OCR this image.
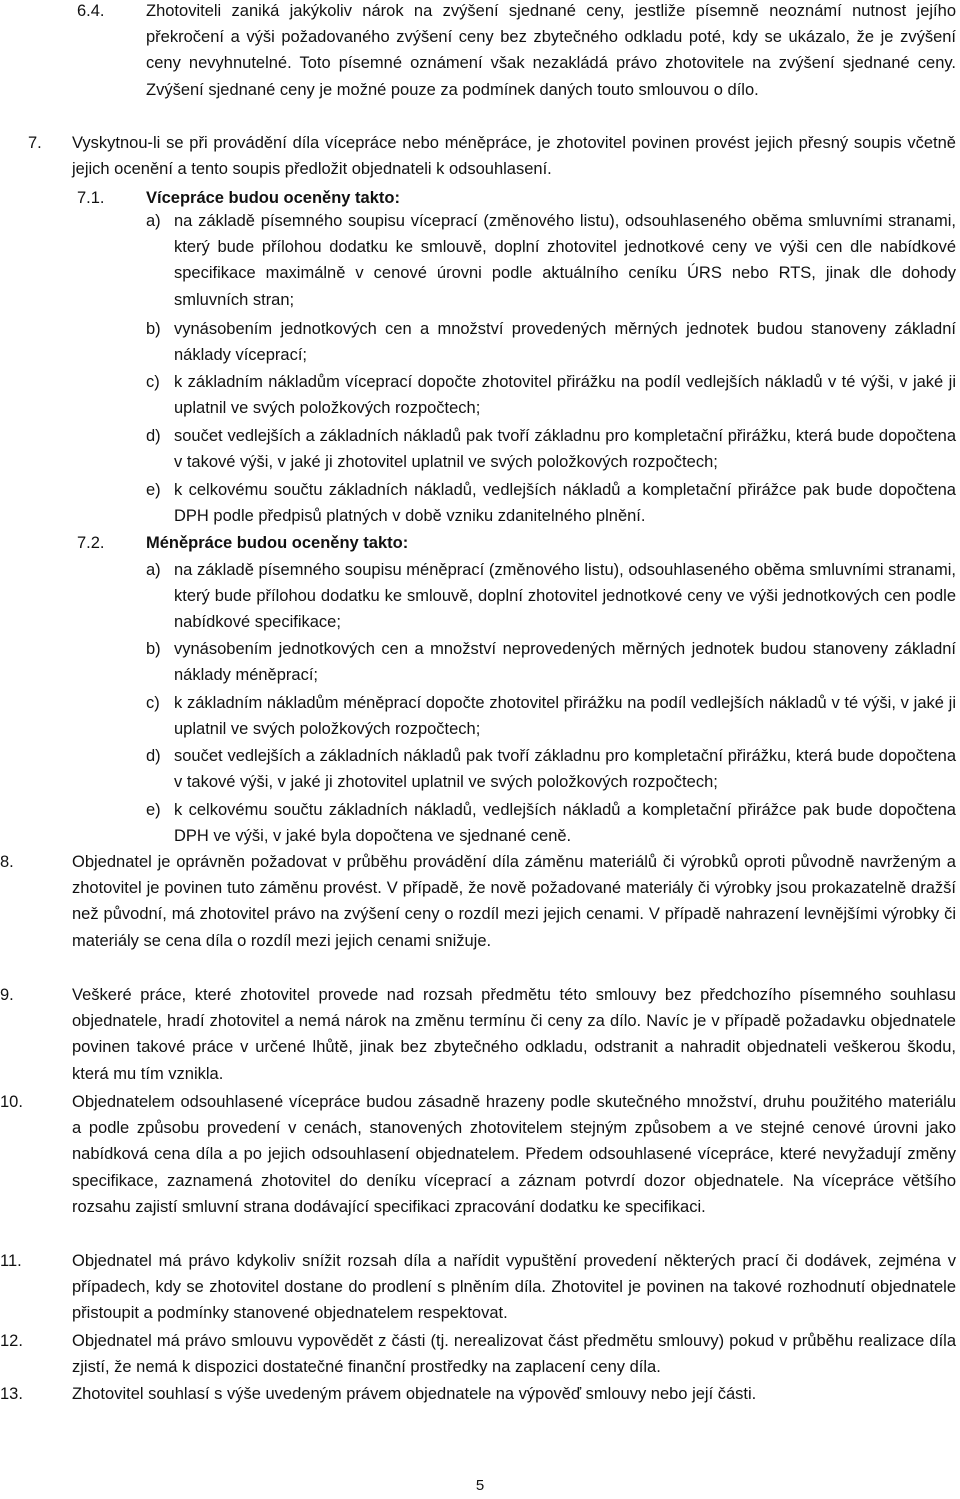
6.4.	Zhotoviteli zaniká jakýkoliv nárok na zvýšení sjednané ceny, jestliže písemně neoznámí nutnost jejího překročení a výši požadovaného zvýšení ceny bez zbytečného odkladu poté, kdy se ukázalo, že je zvýšení ceny nevyhnutelné. Toto písemné oznámení však nezakládá právo zhotovitele na zvýšení sjednané ceny. Zvýšení sjednané ceny je možné pouze za podmínek daných touto smlouvou o dílo.
7. Vyskytnou-li se při provádění díla vícepráce nebo méněpráce, je zhotovitel povinen provést jejich přesný soupis včetně jejich ocenění a tento soupis předložit objednateli k odsouhlasení.
7.1.	Vícepráce budou oceněny takto:
a) na základě písemného soupisu víceprací (změnového listu), odsouhlaseného oběma smluvními stranami, který bude přílohou dodatku ke smlouvě, doplní zhotovitel jednotkové ceny ve výši cen dle nabídkové specifikace maximálně v cenové úrovni podle aktuálního ceníku ÚRS nebo RTS, jinak dle dohody smluvních stran;
b) vynásobením jednotkových cen a množství provedených měrných jednotek budou stanoveny základní náklady víceprací;
c) k základním nákladům víceprací dopočte zhotovitel přirážku na podíl vedlejších nákladů v té výši, v jaké ji uplatnil ve svých položkových rozpočtech;
d) součet vedlejších a základních nákladů pak tvoří základnu pro kompletační přirážku, která bude dopočtena v takové výši, v jaké ji zhotovitel uplatnil ve svých položkových rozpočtech;
e) k celkovému součtu základních nákladů, vedlejších nákladů a kompletační přirážce pak bude dopočtena DPH podle předpisů platných v době vzniku zdanitelného plnění.
7.2.	Méněpráce budou oceněny takto:
a) na základě písemného soupisu méněprací (změnového listu), odsouhlaseného oběma smluvními stranami, který bude přílohou dodatku ke smlouvě, doplní zhotovitel jednotkové ceny ve výši jednotkových cen podle nabídkové specifikace;
b) vynásobením jednotkových cen a množství neprovedených měrných jednotek budou stanoveny základní náklady méněprací;
c) k základním nákladům méněprací dopočte zhotovitel přirážku na podíl vedlejších nákladů v té výši, v jaké ji uplatnil ve svých položkových rozpočtech;
d) součet vedlejších a základních nákladů pak tvoří základnu pro kompletační přirážku, která bude dopočtena v takové výši, v jaké ji zhotovitel uplatnil ve svých položkových rozpočtech;
e) k celkovému součtu základních nákladů, vedlejších nákladů a kompletační přirážce pak bude dopočtena DPH ve výši, v jaké byla dopočtena ve sjednané ceně.
8.	Objednatel je oprávněn požadovat v průběhu provádění díla záměnu materiálů či výrobků oproti původně navrženým a zhotovitel je povinen tuto záměnu provést. V případě, že nově požadované materiály či výrobky jsou prokazatelně dražší než původní, má zhotovitel právo na zvýšení ceny o rozdíl mezi jejich cenami. V případě nahrazení levnějšími výrobky či materiály se cena díla o rozdíl mezi jejich cenami snižuje.
9.	Veškeré práce, které zhotovitel provede nad rozsah předmětu této smlouvy bez předchozího písemného souhlasu objednatele, hradí zhotovitel a nemá nárok na změnu termínu či ceny za dílo. Navíc je v případě požadavku objednatele povinen takové práce v určené lhůtě, jinak bez zbytečného odkladu, odstranit a nahradit objednateli veškerou škodu, která mu tím vznikla.
10.	Objednatelem odsouhlasené vícepráce budou zásadně hrazeny podle skutečného množství, druhu použitého materiálu a podle způsobu provedení v cenách, stanovených zhotovitelem stejným způsobem a ve stejné cenové úrovni jako nabídková cena díla a po jejich odsouhlasení objednatelem. Předem odsouhlasené vícepráce, které nevyžadují změny specifikace, zaznamená zhotovitel do deníku víceprací a záznam potvrdí dozor objednatele. Na vícepráce většího rozsahu zajistí smluvní strana dodávající specifikaci zpracování dodatku ke specifikaci.
11.	Objednatel má právo kdykoliv snížit rozsah díla a nařídit vypuštění provedení některých prací či dodávek, zejména v případech, kdy se zhotovitel dostane do prodlení s plněním díla. Zhotovitel je povinen na takové rozhodnutí objednatele přistoupit a podmínky stanovené objednatelem respektovat.
12.	Objednatel má právo smlouvu vypovědět z části (tj. nerealizovat část předmětu smlouvy) pokud v průběhu realizace díla zjistí, že nemá k dispozici dostatečné finanční prostředky na zaplacení ceny díla.
13.	Zhotovitel souhlasí s výše uvedeným právem objednatele na výpověď smlouvy nebo její části.
5
